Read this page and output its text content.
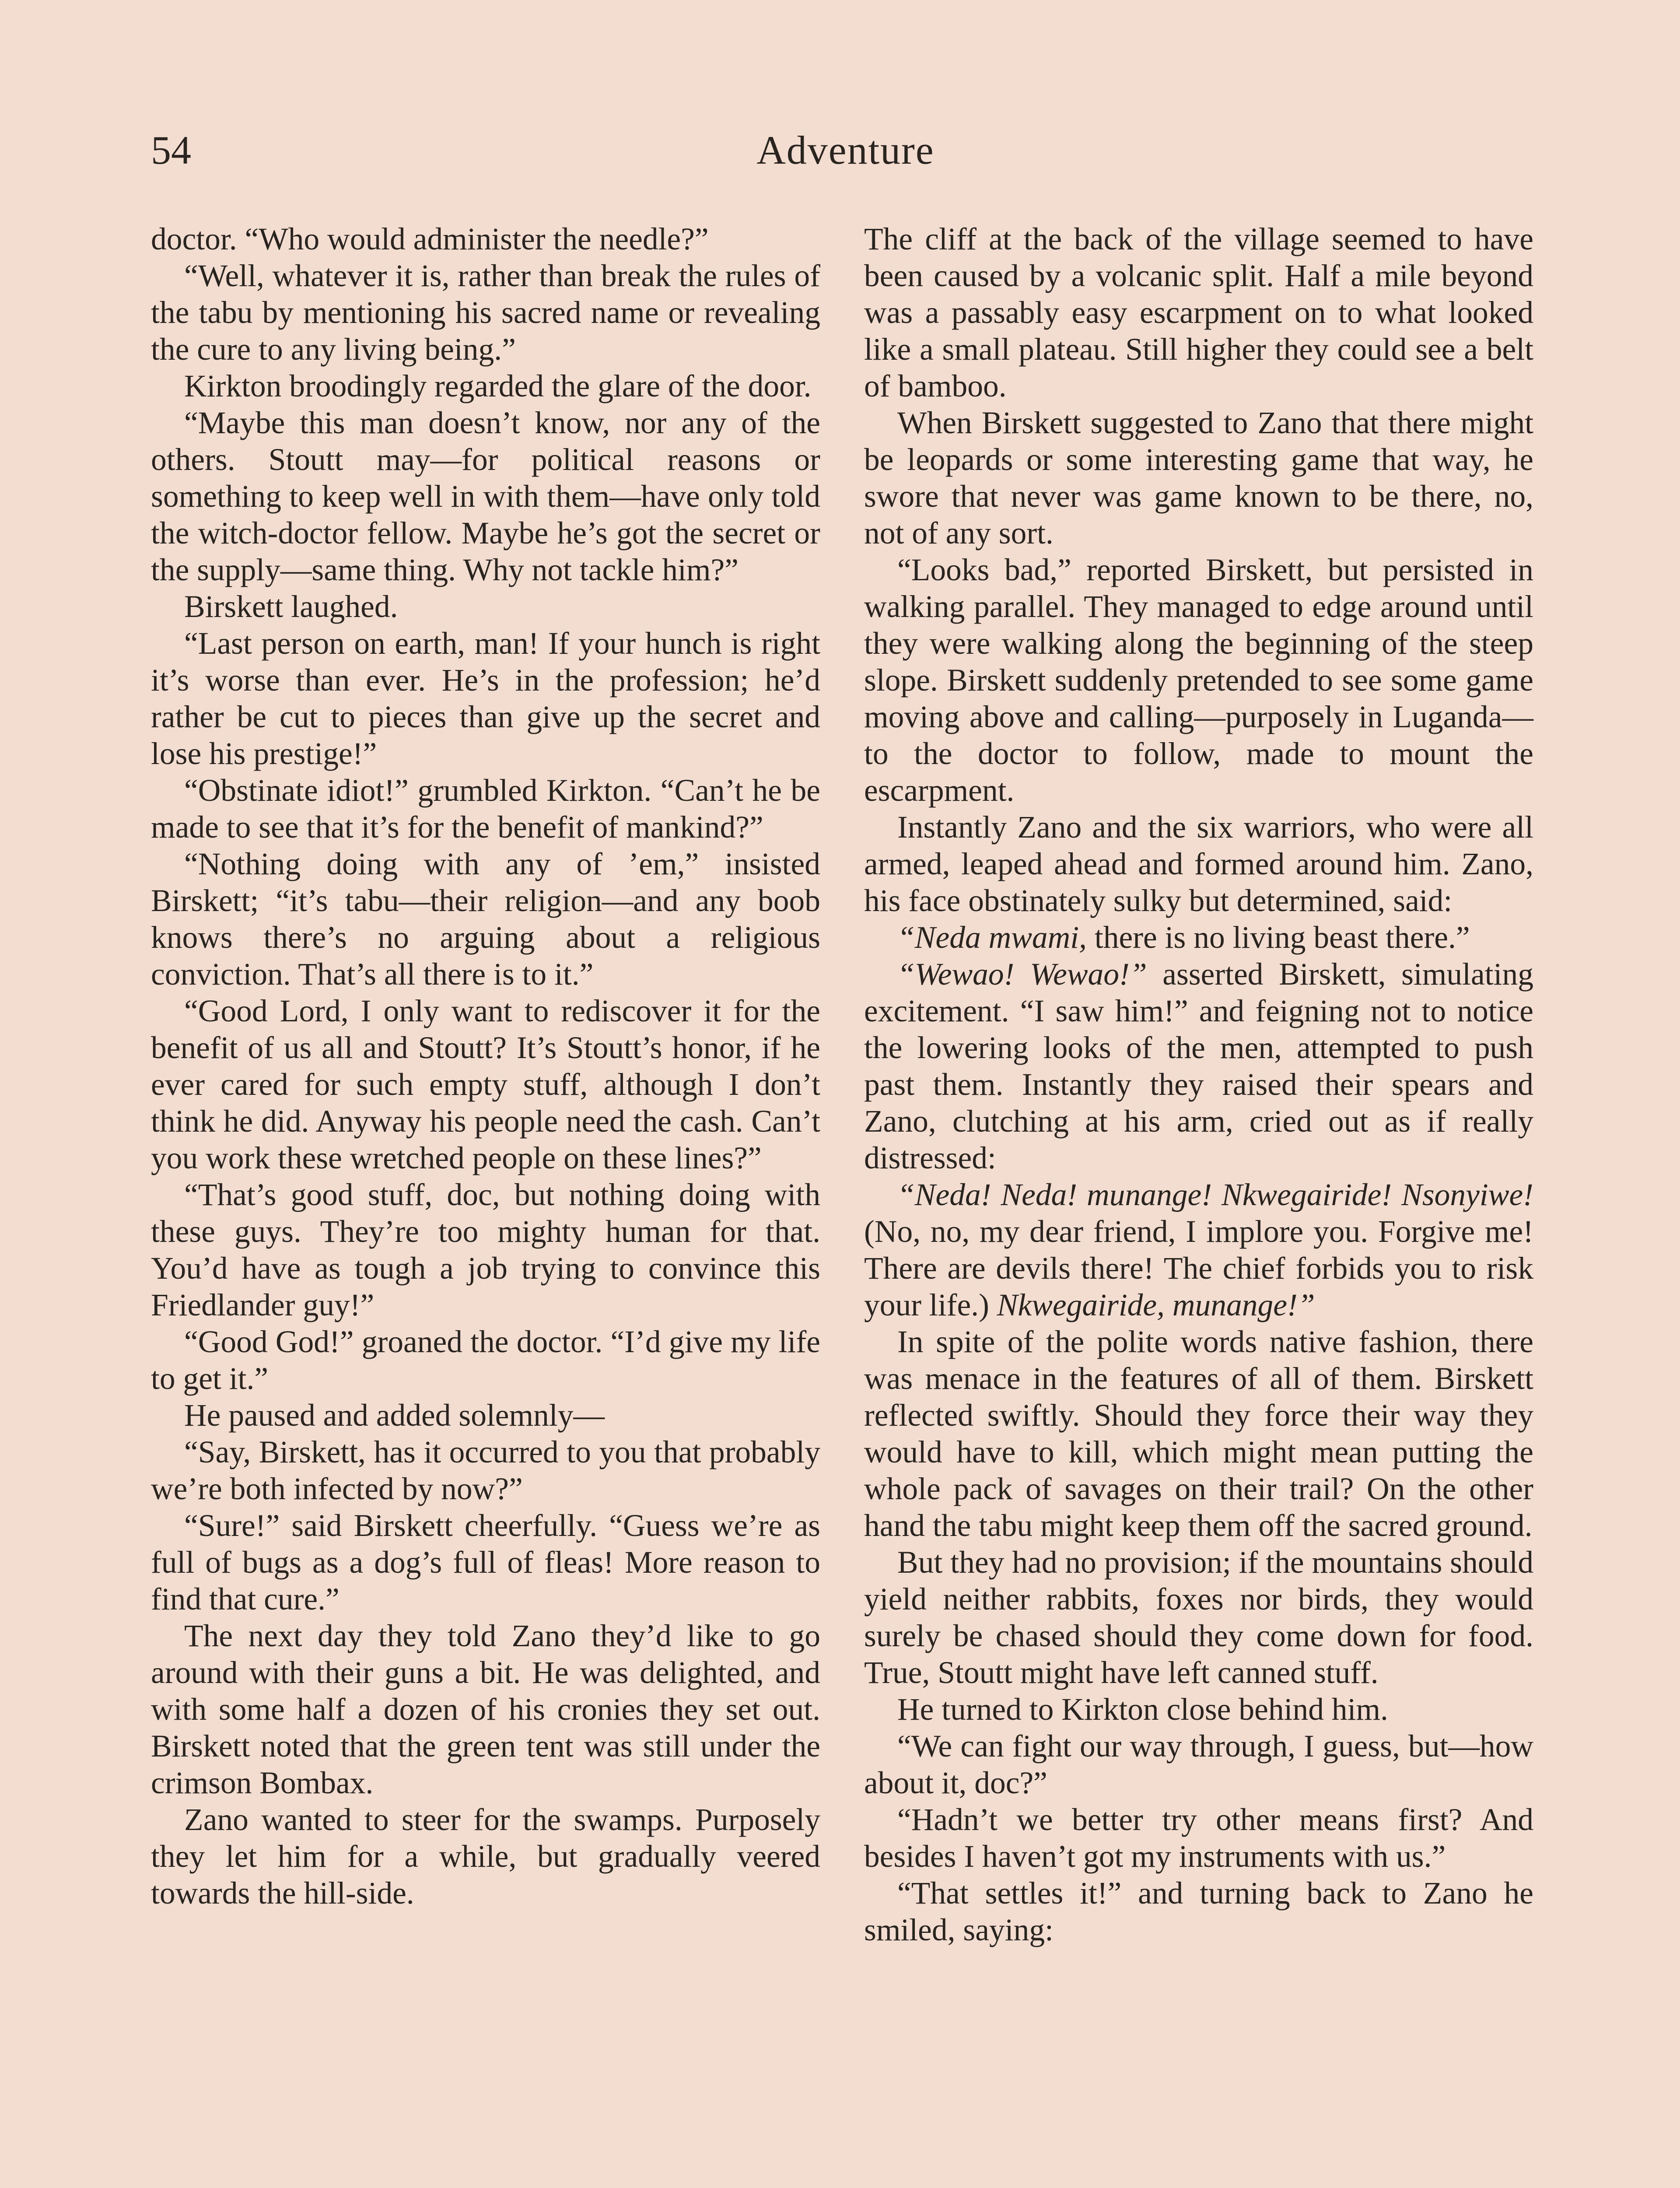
54	Adventure

doctor. “Who would administer the needle?”

“Well, whatever it is, rather than break the rules of the tabu by mentioning his sacred name or revealing the cure to any living being.”

Kirkton broodingly regarded the glare of the door.

“Maybe this man doesn’t know, nor any of the others. Stoutt may—for political reasons or something to keep well in with them—have only told the witch-doctor fellow. Maybe he’s got the secret or the supply—same thing. Why not tackle him?”

Birskett laughed.

“Last person on earth, man! If your hunch is right it’s worse than ever. He’s in the profession; he’d rather be cut to pieces than give up the secret and lose his prestige!”

“Obstinate idiot!” grumbled Kirkton. “Can’t he be made to see that it’s for the benefit of mankind?”

“Nothing doing with any of ’em,” insisted Birskett; “it’s tabu—their religion—and any boob knows there’s no arguing about a religious conviction. That’s all there is to it.”

“Good Lord, I only want to rediscover it for the benefit of us all and Stoutt? It’s Stoutt’s honor, if he ever cared for such empty stuff, although I don’t think he did. Anyway his people need the cash. Can’t you work these wretched people on these lines?”

“That’s good stuff, doc, but nothing doing with these guys. They’re too mighty human for that. You’d have as tough a job trying to convince this Friedlander guy!”

“Good God!” groaned the doctor. “I’d give my life to get it.”

He paused and added solemnly—

“Say, Birskett, has it occurred to you that probably we’re both infected by now?”

“Sure!” said Birskett cheerfully. “Guess we’re as full of bugs as a dog’s full of fleas! More reason to find that cure.”

The next day they told Zano they’d like to go around with their guns a bit. He was delighted, and with some half a dozen of his cronies they set out. Birskett noted that the green tent was still under the crimson Bombax.

Zano wanted to steer for the swamps. Purposely they let him for a while, but gradually veered towards the hill-side.

The cliff at the back of the village seemed to have been caused by a volcanic split. Half a mile beyond was a passably easy escarpment on to what looked like a small plateau. Still higher they could see a belt of bamboo.

When Birskett suggested to Zano that there might be leopards or some interesting game that way, he swore that never was game known to be there, no, not of any sort.

“Looks bad,” reported Birskett, but persisted in walking parallel. They managed to edge around until they were walking along the beginning of the steep slope. Birskett suddenly pretended to see some game moving above and calling—purposely in Luganda—to the doctor to follow, made to mount the escarpment.

Instantly Zano and the six warriors, who were all armed, leaped ahead and formed around him. Zano, his face obstinately sulky but determined, said:

“Neda mwami, there is no living beast there.”

“Wewao! Wewao!” asserted Birskett, simulating excitement. “I saw him!” and feigning not to notice the lowering looks of the men, attempted to push past them. Instantly they raised their spears and Zano, clutching at his arm, cried out as if really distressed:

“Neda! Neda! munange! Nkwegairide! Nsonyiwe! (No, no, my dear friend, I implore you. Forgive me! There are devils there! The chief forbids you to risk your life.) Nkwegairide, munange!”

In spite of the polite words native fashion, there was menace in the features of all of them. Birskett reflected swiftly. Should they force their way they would have to kill, which might mean putting the whole pack of savages on their trail? On the other hand the tabu might keep them off the sacred ground.

But they had no provision; if the mountains should yield neither rabbits, foxes nor birds, they would surely be chased should they come down for food. True, Stoutt might have left canned stuff.

He turned to Kirkton close behind him.

“We can fight our way through, I guess, but—how about it, doc?”

“Hadn’t we better try other means first? And besides I haven’t got my instruments with us.”

“That settles it!” and turning back to Zano he smiled, saying:
